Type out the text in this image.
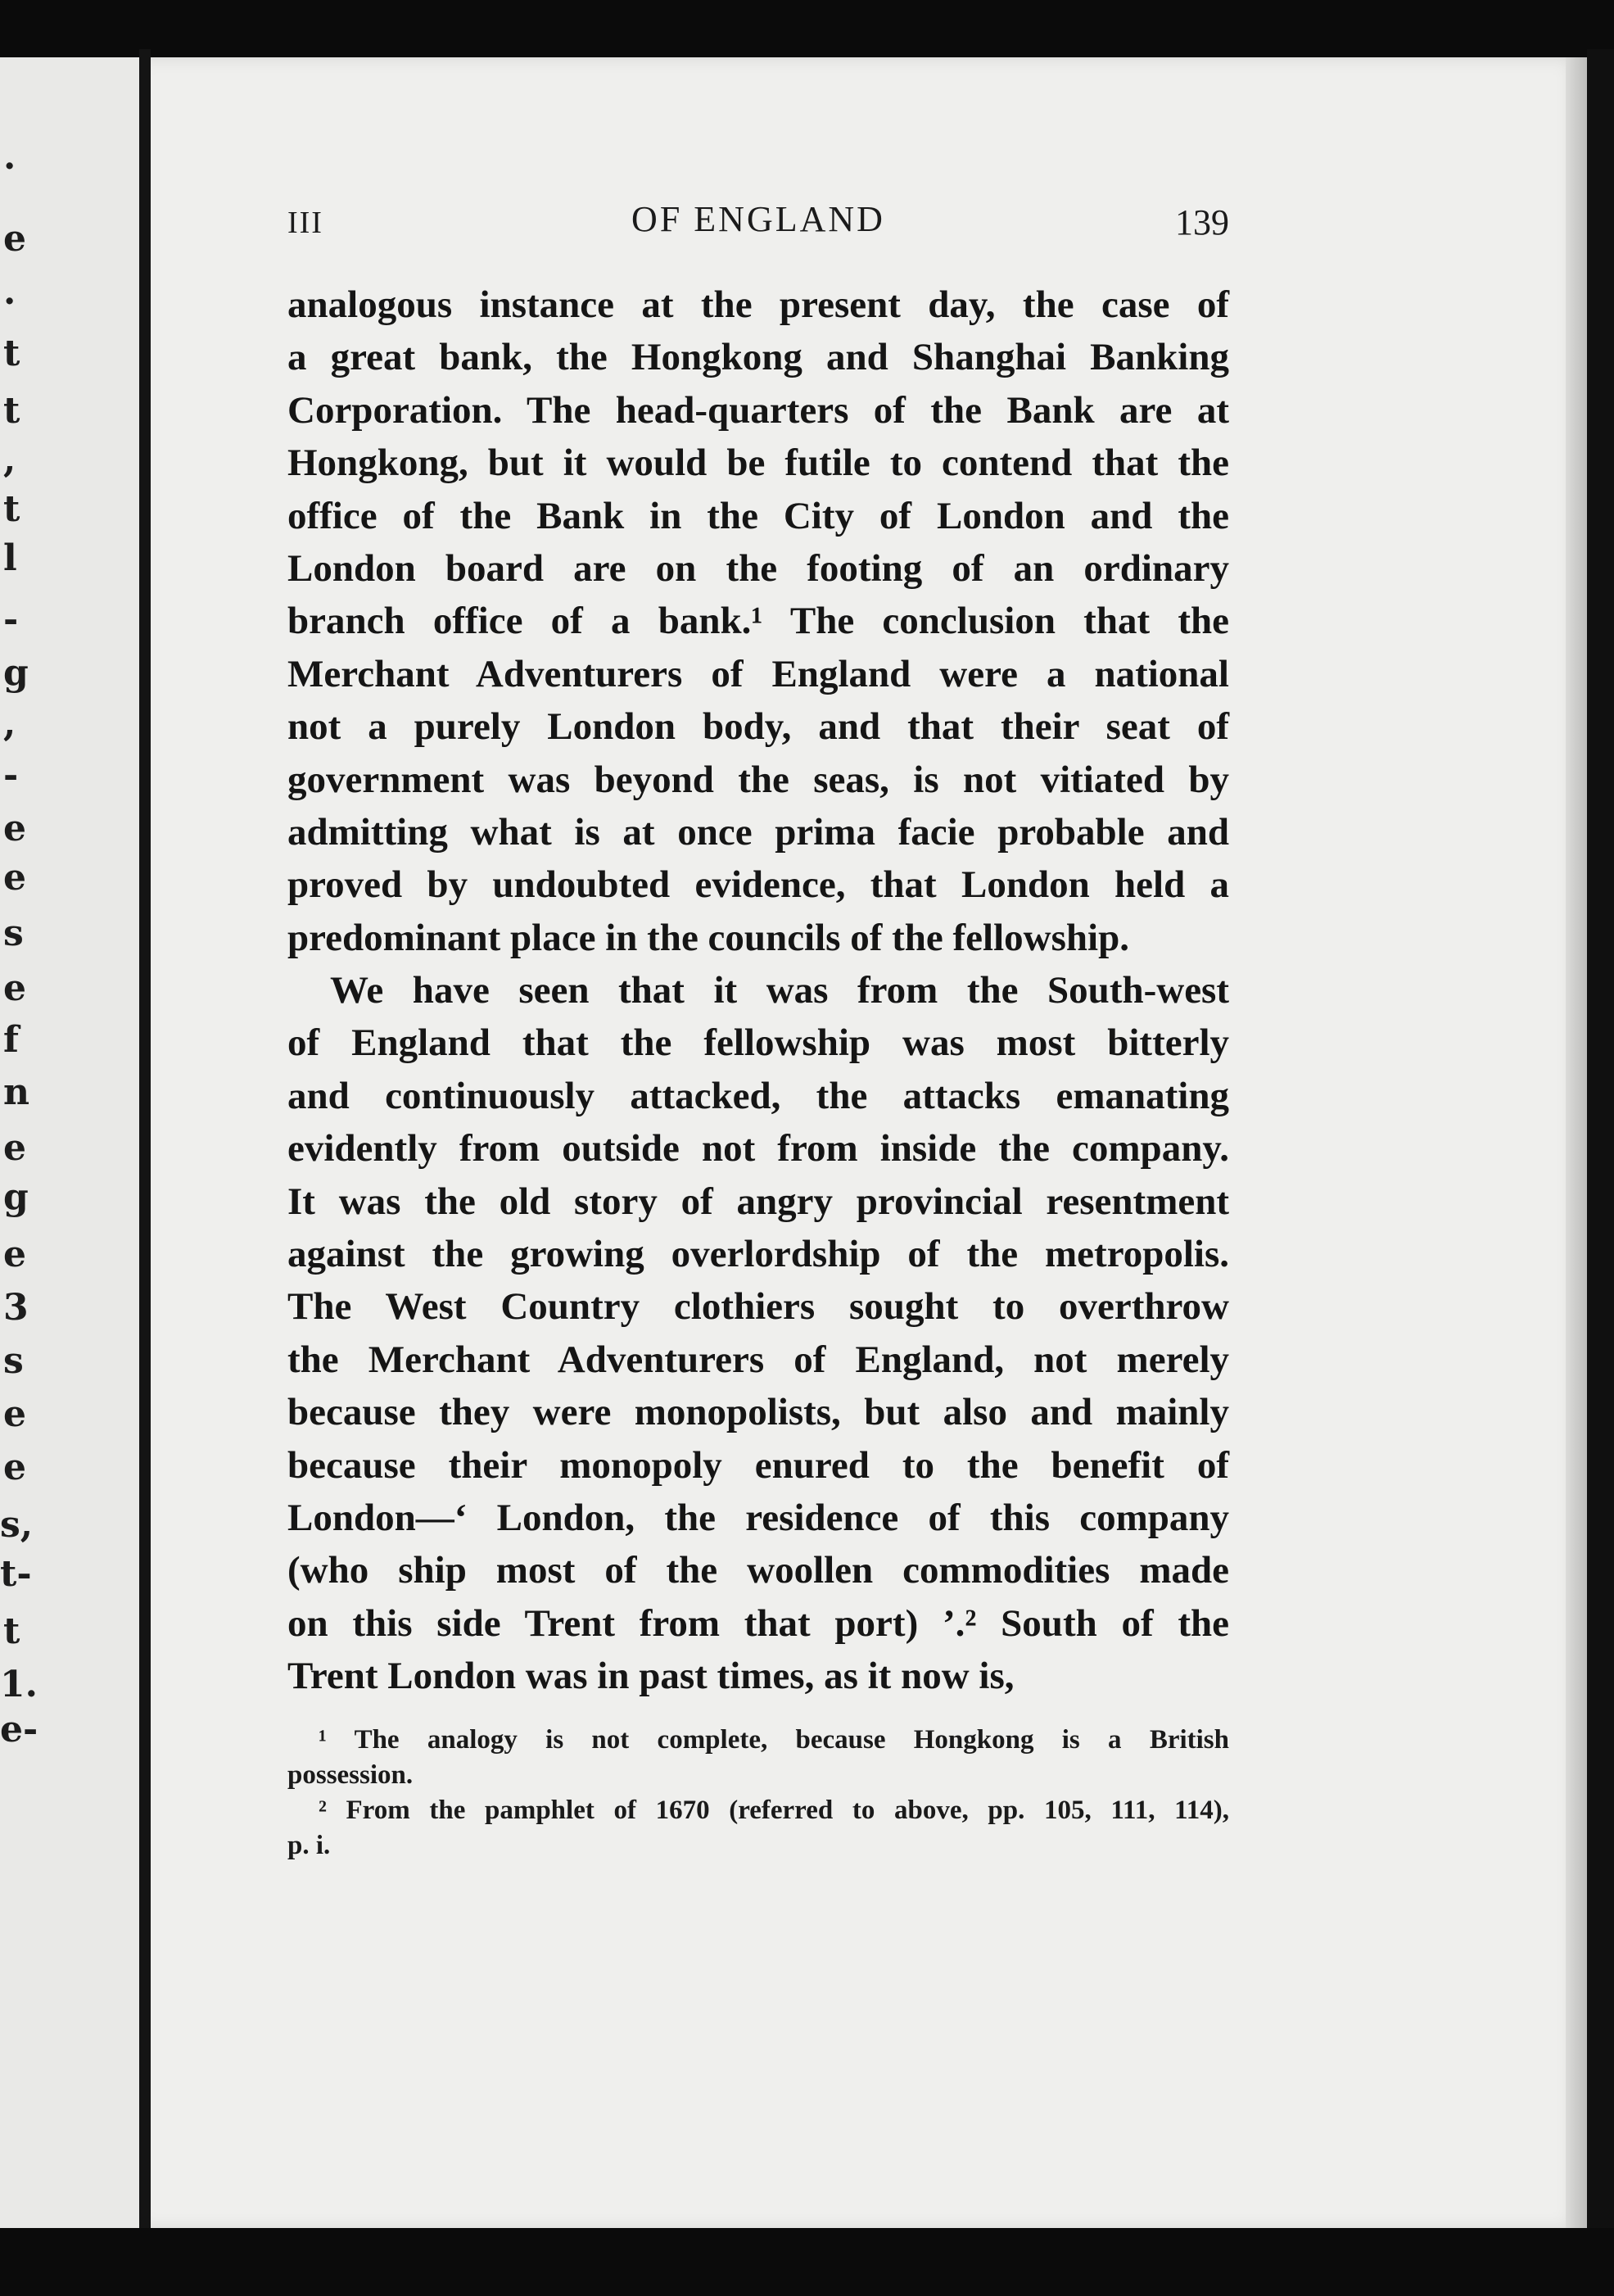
.
e
.
t
t
,
t
l
-
g
,
-
e
e
s
e
f
n
e
g
e
3
s
e
e
s,
t-
t
1.
e-
III	OF ENGLAND	139
analogous instance at the present day, the case of
a great bank, the Hongkong and Shanghai Banking
Corporation. The head-quarters of the Bank are at
Hongkong, but it would be futile to contend that the
office of the Bank in the City of London and the
London board are on the footing of an ordinary
branch office of a bank.¹ The conclusion that the
Merchant Adventurers of England were a national
not a purely London body, and that their seat of
government was beyond the seas, is not vitiated by
admitting what is at once prima facie probable and
proved by undoubted evidence, that London held a
predominant place in the councils of the fellowship.
We have seen that it was from the South-west
of England that the fellowship was most bitterly
and continuously attacked, the attacks emanating
evidently from outside not from inside the company.
It was the old story of angry provincial resentment
against the growing overlordship of the metropolis.
The West Country clothiers sought to overthrow
the Merchant Adventurers of England, not merely
because they were monopolists, but also and mainly
because their monopoly enured to the benefit of
London—‘ London, the residence of this company
(who ship most of the woollen commodities made
on this side Trent from that port) ’.² South of the
Trent London was in past times, as it now is,
¹ The analogy is not complete, because Hongkong is a British
possession.
² From the pamphlet of 1670 (referred to above, pp. 105, 111, 114),
p. i.
